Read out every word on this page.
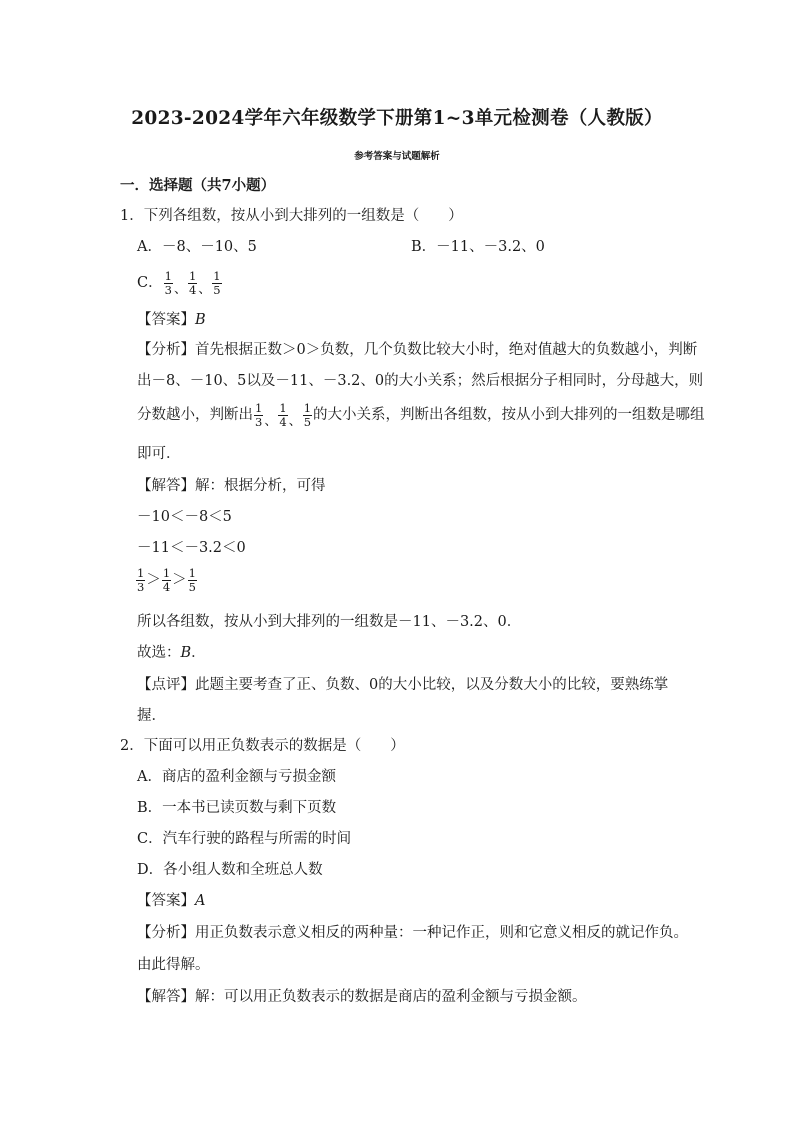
2023-2024学年六年级数学下册第1~3单元检测卷（人教版）
参考答案与试题解析
一．选择题（共7小题）
1．下列各组数，按从小到大排列的一组数是（　　）
A．－8、－10、5	B．－11、－3.2、0
C． $\frac{1}{3}$ 、 $\frac{1}{4}$ 、 $\frac{1}{5}$
【答案】B
【分析】首先根据正数＞0＞负数，几个负数比较大小时，绝对值越大的负数越小，判断
出－8、－10、5以及－11、－3.2、0的大小关系；然后根据分子相同时，分母越大，则
分数越小，判断出 $\frac{1}{3}$ 、 $\frac{1}{4}$ 、 $\frac{1}{5}$ 的大小关系，判断出各组数，按从小到大排列的一组数是哪组
即可．
【解答】解：根据分析，可得
－10＜－8＜5
－11＜－3.2＜0
$\frac{1}{3} > \frac{1}{4} > \frac{1}{5}$
所以各组数，按从小到大排列的一组数是－11、－3.2、0．
故选：B．
【点评】此题主要考查了正、负数、0的大小比较，以及分数大小的比较，要熟练掌
握．
2．下面可以用正负数表示的数据是（　　）
A．商店的盈利金额与亏损金额
B．一本书已读页数与剩下页数
C．汽车行驶的路程与所需的时间
D．各小组人数和全班总人数
【答案】A
【分析】用正负数表示意义相反的两种量：一种记作正，则和它意义相反的就记作负。
由此得解。
【解答】解：可以用正负数表示的数据是商店的盈利金额与亏损金额。
